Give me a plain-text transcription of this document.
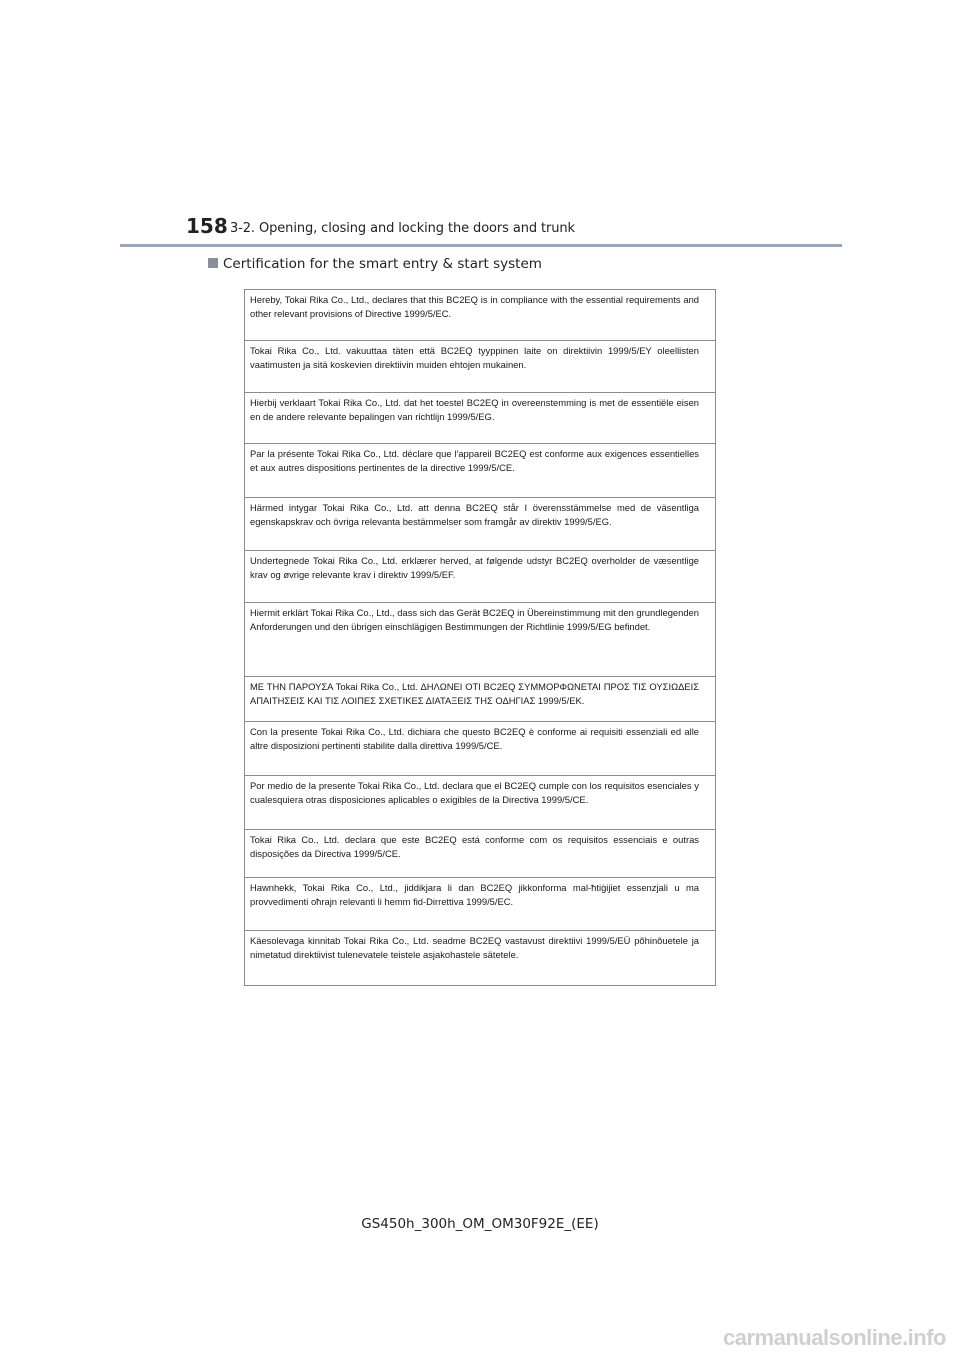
158 3-2. Opening, closing and locking the doors and trunk
Certification for the smart entry & start system
Hereby, Tokai Rika Co., Ltd., declares that this BC2EQ is in compliance with the essential requirements and other relevant provisions of Directive 1999/5/EC.
Tokai Rika Co., Ltd. vakuuttaa täten että BC2EQ tyyppinen laite on direktiivin 1999/5/EY oleellisten vaatimusten ja sitä koskevien direktiivin muiden ehtojen mukainen.
Hierbij verklaart Tokai Rika Co., Ltd. dat het toestel BC2EQ in overeenstemming is met de essentiële eisen en de andere relevante bepalingen van richtlijn 1999/5/EG.
Par la présente Tokai Rika Co., Ltd. déclare que l'appareil BC2EQ est conforme aux exigences essentielles et aux autres dispositions pertinentes de la directive 1999/5/CE.
Härmed intygar Tokai Rika Co., Ltd. att denna BC2EQ står I överensstämmelse med de väsentliga egenskapskrav och övriga relevanta bestämmelser som framgår av direktiv 1999/5/EG.
Undertegnede Tokai Rika Co., Ltd. erklærer herved, at følgende udstyr BC2EQ overholder de væsentlige krav og øvrige relevante krav i direktiv 1999/5/EF.
Hiermit erklärt Tokai Rika Co., Ltd., dass sich das Gerät BC2EQ in Übereinstimmung mit den grundlegenden Anforderungen und den übrigen einschlägigen Bestimmungen der Richtlinie 1999/5/EG befindet.
ΜΕ ΤΗΝ ΠΑΡΟΥΣΑ Tokai Rika Co., Ltd. ΔΗΛΩΝΕΙ ΟΤΙ BC2EQ ΣΥΜΜΟΡΦΩΝΕΤΑΙ ΠΡΟΣ ΤΙΣ ΟΥΣΙΩΔΕΙΣ ΑΠΑΙΤΗΣΕΙΣ ΚΑΙ ΤΙΣ ΛΟΙΠΕΣ ΣΧΕΤΙΚΕΣ ΔΙΑΤΑΞΕΙΣ ΤΗΣ ΟΔΗΓΙΑΣ 1999/5/ΕΚ.
Con la presente Tokai Rika Co., Ltd. dichiara che questo BC2EQ è conforme ai requisiti essenziali ed alle altre disposizioni pertinenti stabilite dalla direttiva 1999/5/CE.
Por medio de la presente Tokai Rika Co., Ltd. declara que el BC2EQ cumple con los requisitos esenciales y cualesquiera otras disposiciones aplicables o exigibles de la Directiva 1999/5/CE.
Tokai Rika Co., Ltd. declara que este BC2EQ está conforme com os requisitos essenciais e outras disposições da Directiva 1999/5/CE.
Hawnhekk, Tokai Rika Co., Ltd., jiddikjara li dan BC2EQ jikkonforma mal-ħtiġijiet essenzjali u ma provvedimenti oħrajn relevanti li hemm fid-Dirrettiva 1999/5/EC.
Käesolevaga kinnitab Tokai Rika Co., Ltd. seadme BC2EQ vastavust direktiivi 1999/5/EÜ põhinõuetele ja nimetatud direktiivist tulenevatele teistele asjakohastele sätetele.
GS450h_300h_OM_OM30F92E_(EE)
carmanualsonline.info
